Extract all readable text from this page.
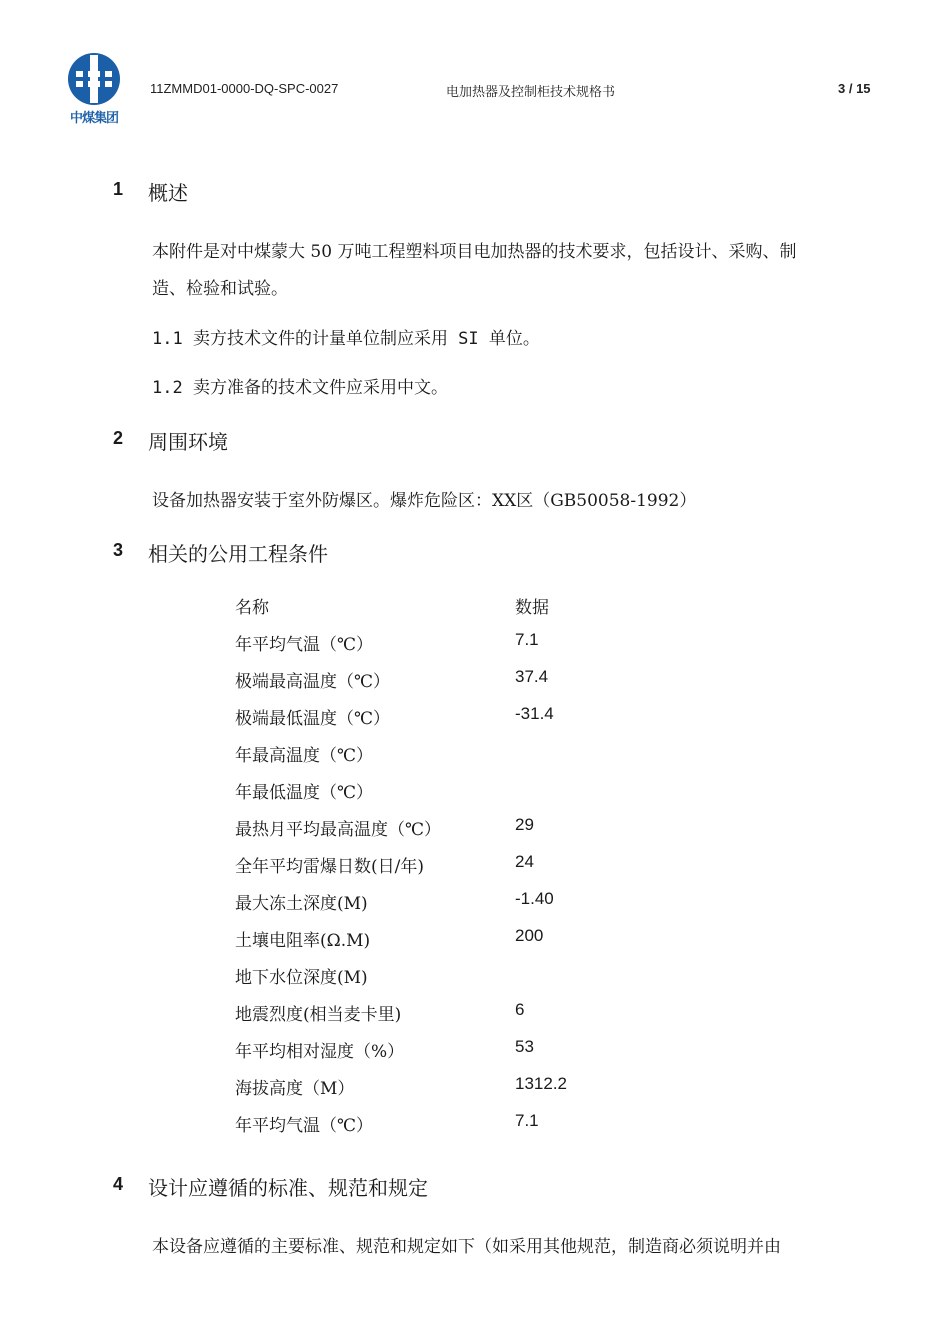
中煤集团
11ZMMD01-0000-DQ-SPC-0027	电加热器及控制柜技术规格书	3 / 15
1 概述
本附件是对中煤蒙大 50 万吨工程塑料项目电加热器的技术要求，包括设计、采购、制
造、检验和试验。
1.1 卖方技术文件的计量单位制应采用 SI 单位。
1.2 卖方准备的技术文件应采用中文。
2 周围环境
设备加热器安装于室外防爆区。爆炸危险区：XX区（GB50058-1992）
3 相关的公用工程条件
名称	数据
年平均气温（℃）	7.1
极端最高温度（℃）	37.4
极端最低温度（℃）	-31.4
年最高温度（℃）
年最低温度（℃）
最热月平均最高温度（℃）	29
全年平均雷爆日数(日/年)	24
最大冻土深度(M)	-1.40
土壤电阻率(Ω.M)	200
地下水位深度(M)
地震烈度(相当麦卡里)	6
年平均相对湿度（%）	53
海拔高度（M）	1312.2
年平均气温（℃）	7.1
4 设计应遵循的标准、规范和规定
本设备应遵循的主要标准、规范和规定如下（如采用其他规范，制造商必须说明并由
